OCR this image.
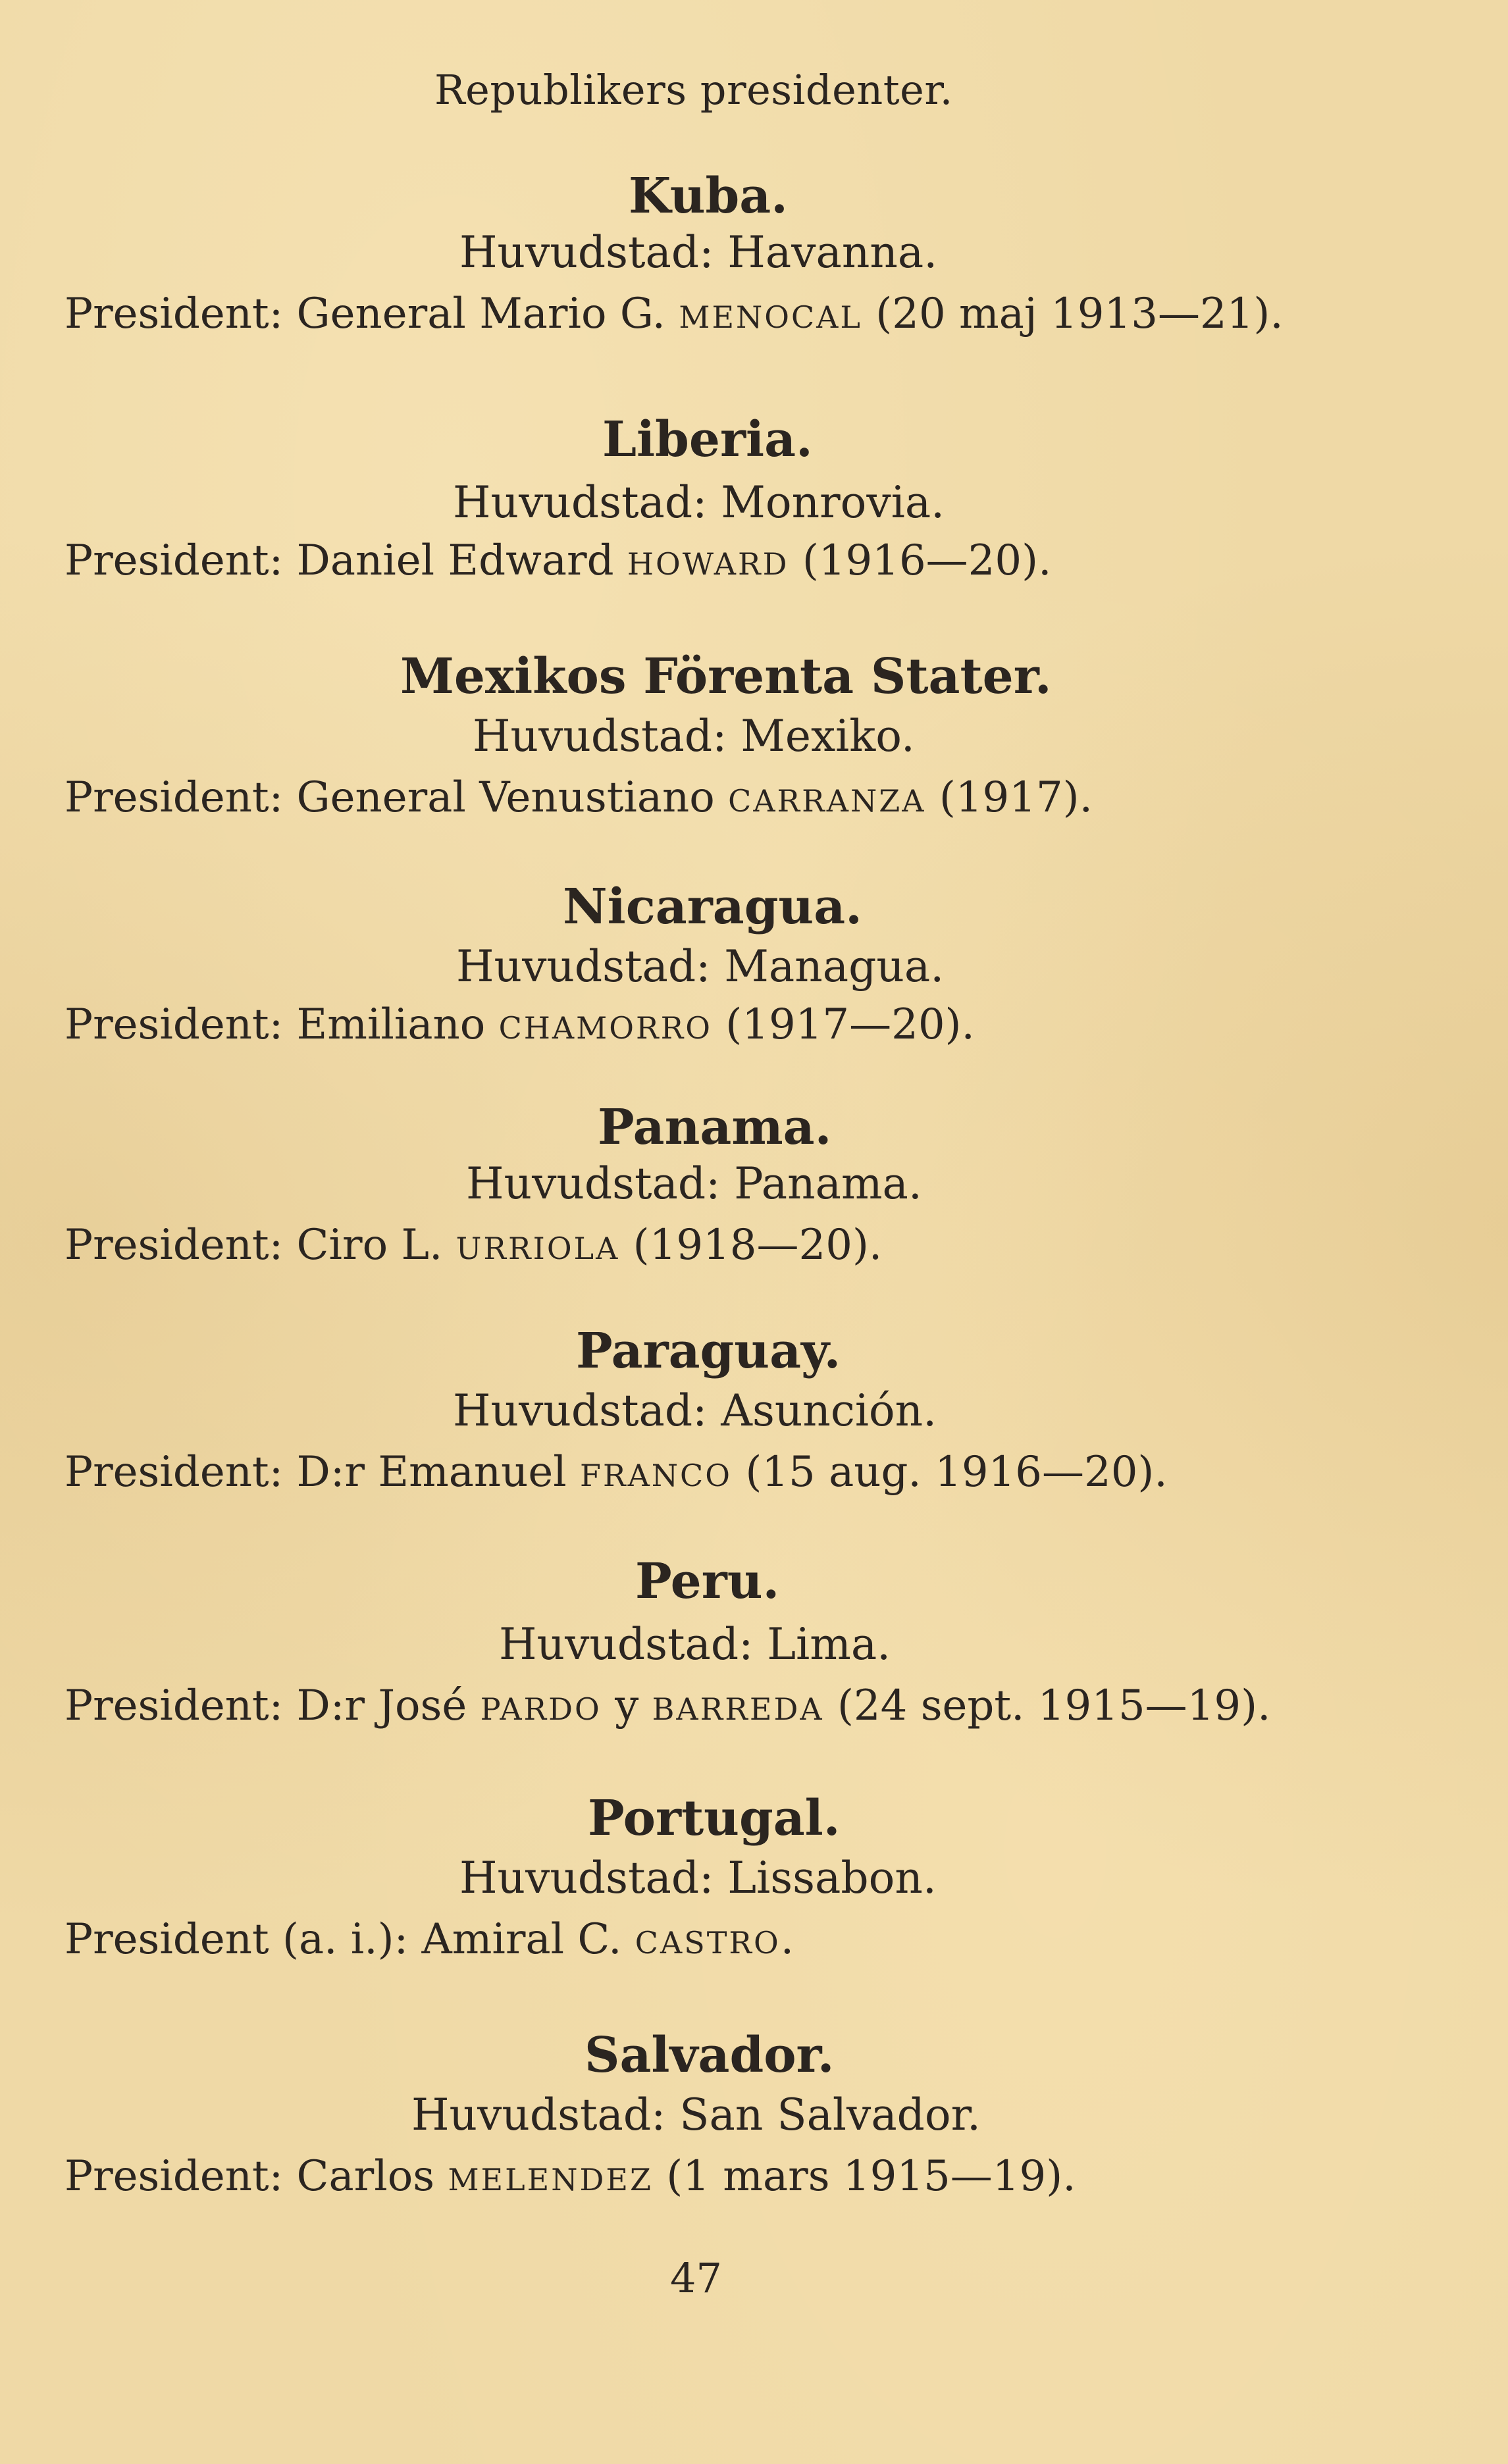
Republikers presidenter.
Kuba.
Huvudstad: Havanna.
President: General Mario G. MENOCAL (20 maj 1913—21).
Liberia.
Huvudstad: Monrovia.
President: Daniel Edward HOWARD (1916—20).
Mexikos Förenta Stater.
Huvudstad: Mexiko.
President: General Venustiano CARRANZA (1917).
Nicaragua.
Huvudstad: Managua.
President: Emiliano CHAMORRO (1917—20).
Panama.
Huvudstad: Panama.
President: Ciro L. URRIOLA (1918—20).
Paraguay.
Huvudstad: Asunción.
President: D:r Emanuel FRANCO (15 aug. 1916—20).
Peru.
Huvudstad: Lima.
President: D:r José PARDO y BARREDA (24 sept. 1915—19).
Portugal.
Huvudstad: Lissabon.
President (a. i.): Amiral C. CASTRO.
Salvador.
Huvudstad: San Salvador.
President: Carlos MELENDEZ (1 mars 1915—19).
47
